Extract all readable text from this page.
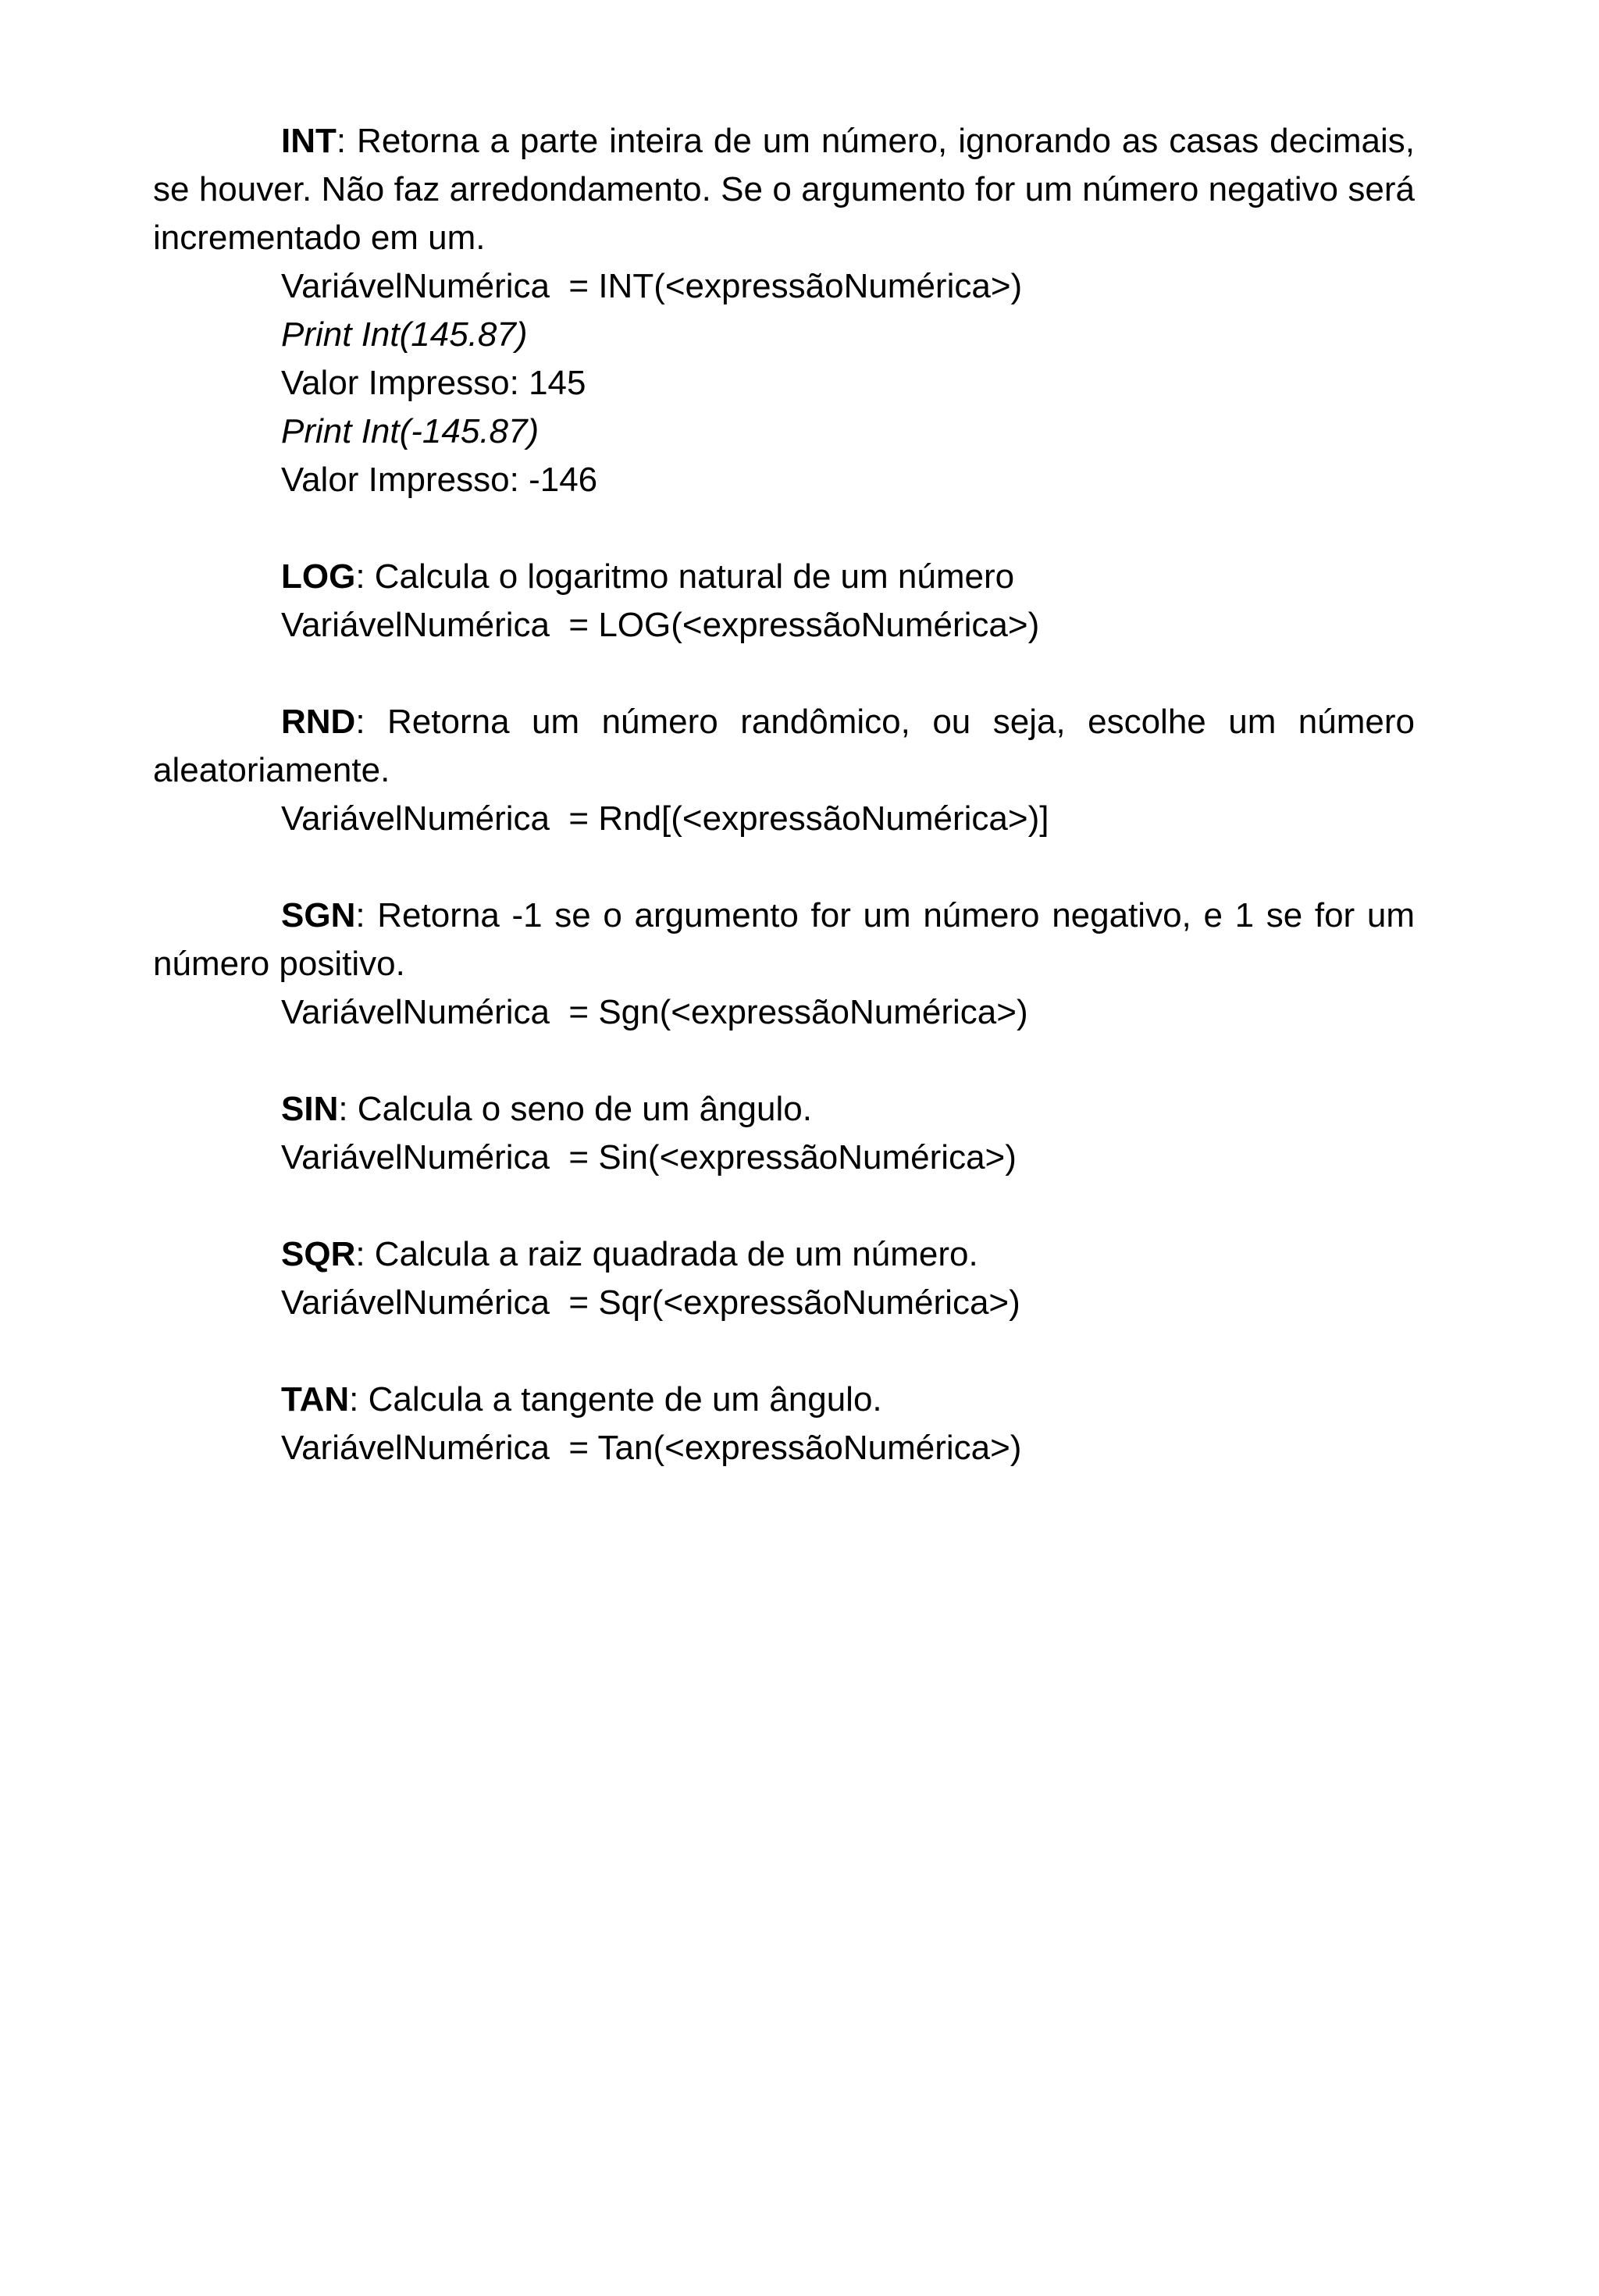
INT: Retorna a parte inteira de um número, ignorando as casas decimais, se houver. Não faz arredondamento. Se o argumento for um número negativo será incrementado em um.

VariávelNumérica  = INT(<expressãoNumérica>)

Print Int(145.87)

Valor Impresso: 145

Print Int(-145.87)

Valor Impresso: -146

LOG: Calcula o logaritmo natural de um número

VariávelNumérica  = LOG(<expressãoNumérica>)

RND: Retorna um número randômico, ou seja, escolhe um número aleatoriamente.

VariávelNumérica  = Rnd[(<expressãoNumérica>)]

SGN: Retorna -1 se o argumento for um número negativo, e 1 se for um número positivo.

VariávelNumérica  = Sgn(<expressãoNumérica>)

SIN: Calcula o seno de um ângulo.

VariávelNumérica  = Sin(<expressãoNumérica>)

SQR: Calcula a raiz quadrada de um número.

VariávelNumérica  = Sqr(<expressãoNumérica>)

TAN: Calcula a tangente de um ângulo.

VariávelNumérica  = Tan(<expressãoNumérica>)
